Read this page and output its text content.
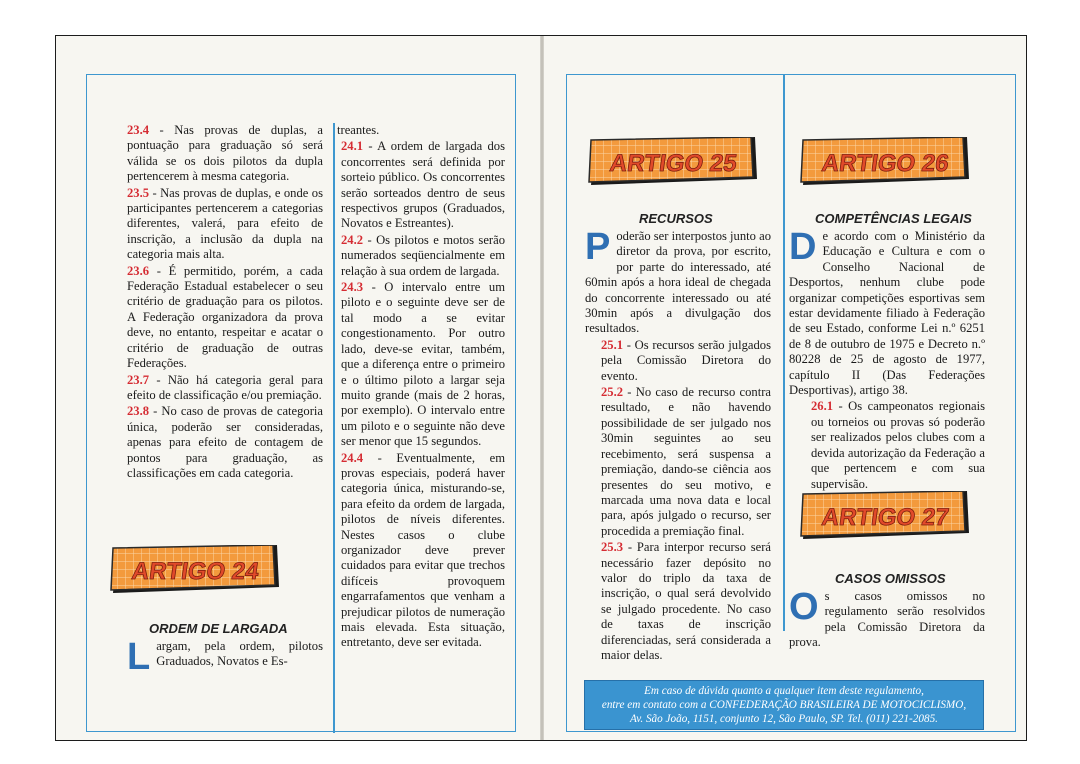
23.4 - Nas provas de duplas, a pontuação para graduação só será válida se os dois pilotos da dupla pertencerem à mesma categoria.

23.5 - Nas provas de duplas, e onde os participantes pertencerem a categorias diferentes, valerá, para efeito de inscrição, a inclusão da dupla na categoria mais alta.

23.6 - É permitido, porém, a cada Federação Estadual estabelecer o seu critério de graduação para os pilotos. A Federação organizadora da prova deve, no entanto, respeitar e acatar o critério de graduação de outras Federações.

23.7 - Não há categoria geral para efeito de classificação e/ou premiação.

23.8 - No caso de provas de categoria única, poderão ser consideradas, apenas para efeito de contagem de pontos para graduação, as classificações em cada categoria.

ARTIGO 24
ORDEM DE LARGADA
Largam, pela ordem, pilotos Graduados, Novatos e Es-

treantes.

24.1 - A ordem de largada dos concorrentes será definida por sorteio público. Os concorrentes serão sorteados dentro de seus respectivos grupos (Graduados, Novatos e Estreantes).

24.2 - Os pilotos e motos serão numerados seqüencialmente em relação à sua ordem de largada.

24.3 - O intervalo entre um piloto e o seguinte deve ser de tal modo a se evitar congestionamento. Por outro lado, deve-se evitar, também, que a diferença entre o primeiro e o último piloto a largar seja muito grande (mais de 2 horas, por exemplo). O intervalo entre um piloto e o seguinte não deve ser menor que 15 segundos.

24.4 - Eventualmente, em provas especiais, poderá haver categoria única, misturando-se, para efeito da ordem de largada, pilotos de níveis diferentes. Nestes casos o clube organizador deve prever cuidados para evitar que trechos difíceis provoquem engarrafamentos que venham a prejudicar pilotos de numeração mais elevada. Esta situação, entretanto, deve ser evitada.

ARTIGO 25
RECURSOS

Poderão ser interpostos junto ao diretor da prova, por escrito, por parte do interessado, até 60min após a hora ideal de chegada do concorrente interessado ou até 30min após a divulgação dos resultados.

25.1 - Os recursos serão julgados pela Comissão Diretora do evento.

25.2 - No caso de recurso contra resultado, e não havendo possibilidade de ser julgado nos 30min seguintes ao seu recebimento, será suspensa a premiação, dando-se ciência aos presentes do seu motivo, e marcada uma nova data e local para, após julgado o recurso, ser procedida a premiação final.

25.3 - Para interpor recurso será necessário fazer depósito no valor do triplo da taxa de inscrição, o qual será devolvido se julgado procedente. No caso de taxas de inscrição diferenciadas, será considerada a maior delas.

ARTIGO 26
COMPETÊNCIAS LEGAIS

De acordo com o Ministério da Educação e Cultura e com o Conselho Nacional de Desportos, nenhum clube pode organizar competições esportivas sem estar devidamente filiado à Federação de seu Estado, conforme Lei n.º 6251 de 8 de outubro de 1975 e Decreto n.º 80228 de 25 de agosto de 1977, capítulo II (Das Federações Desportivas), artigo 38.

26.1 - Os campeonatos regionais ou torneios ou provas só poderão ser realizados pelos clubes com a devida autorização da Federação a que pertencem e com sua supervisão.

ARTIGO 27
CASOS OMISSOS

Os casos omissos no regulamento serão resolvidos pela Comissão Diretora da prova.

Em caso de dúvida quanto a qualquer item deste regulamento,
entre em contato com a CONFEDERAÇÃO BRASILEIRA DE MOTOCICLISMO,
Av. São João, 1151, conjunto 12, São Paulo, SP. Tel. (011) 221-2085.
